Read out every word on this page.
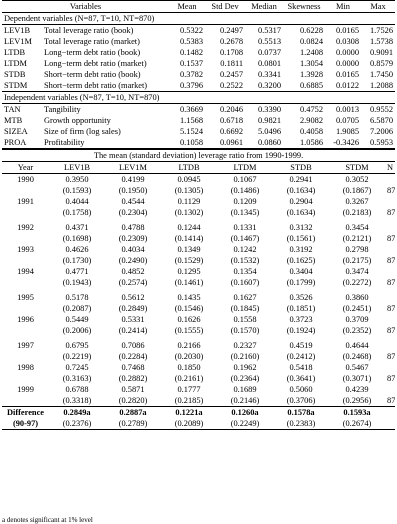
Variables		Mean	Std Dev	Median	Skewness	Min	Max
Dependent variables (N=87, T=10, NT=870)							
LEV1B	Total leverage ratio (book)	0.5322	0.2497	0.5317	0.6228	0.0165	1.7526
LEV1M	Total leverage ratio (market)	0.5383	0.2678	0.5513	0.0824	0.0308	1.5738
LTDB	Long−term debt ratio (book)	0.1482	0.1708	0.0737	1.2408	0.0000	0.9091
LTDM	Long−term debt ratio (market)	0.1537	0.1811	0.0801	1.3054	0.0000	0.8579
STDB	Short−term debt ratio (book)	0.3782	0.2457	0.3341	1.3928	0.0165	1.7450
STDM	Short−term debt ratio (market)	0.3796	0.2522	0.3200	0.6885	0.0122	1.2088
Independent variables (N=87, T=10, NT=870)							
TAN	Tangibility	0.3669	0.2046	0.3390	0.4752	0.0013	0.9552
MTB	Growth opportunity	1.1568	0.6718	0.9821	2.9082	0.0705	6.5870
SIZEA	Size of firm (log sales)	5.1524	0.6692	5.0496	0.4058	1.9085	7.2006
PROA	Profitability	0.1058	0.0961	0.0860	1.0586	-0.3426	0.5953
The mean (standard deviation) leverage ratio from 1990-1999.							
Year	LEV1B	LEV1M	LTDB	LTDM	STDB	STDM	N
1990	0.3950	0.4199	0.0945	0.1067	0.2941	0.3052	
	(0.1593)	(0.1950)	(0.1305)	(0.1486)	(0.1634)	(0.1867)	87
1991	0.4044	0.4544	0.1129	0.1209	0.2904	0.3267	
	(0.1758)	(0.2304)	(0.1302)	(0.1345)	(0.1634)	(0.2183)	87

1992	0.4371	0.4788	0.1244	0.1331	0.3132	0.3454	
	(0.1698)	(0.2309)	(0.1414)	(0.1467)	(0.1561)	(0.2121)	87
1993	0.4626	0.4034	0.1349	0.1242	0.3192	0.2798	
	(0.1730)	(0.2490)	(0.1529)	(0.1532)	(0.1625)	(0.2175)	87
1994	0.4771	0.4852	0.1295	0.1354	0.3404	0.3474	
	(0.1943)	(0.2574)	(0.1461)	(0.1607)	(0.1799)	(0.2272)	87

1995	0.5178	0.5612	0.1435	0.1627	0.3526	0.3860	
	(0.2087)	(0.2849)	(0.1546)	(0.1845)	(0.1851)	(0.2451)	87
1996	0.5449	0.5331	0.1626	0.1558	0.3723	0.3709	
	(0.2006)	(0.2414)	(0.1555)	(0.1570)	(0.1924)	(0.2352)	87

1997	0.6795	0.7086	0.2166	0.2327	0.4519	0.4644	
	(0.2219)	(0.2284)	(0.2030)	(0.2160)	(0.2412)	(0.2468)	87
1998	0.7245	0.7468	0.1850	0.1962	0.5418	0.5467	
	(0.3163)	(0.2882)	(0.2161)	(0.2364)	(0.3641)	(0.3071)	87
1999	0.6788	0.5871	0.1777	0.1689	0.5060	0.4239	
	(0.3318)	(0.2820)	(0.2185)	(0.2146)	(0.3706)	(0.2956)	87
Difference	0.2849a	0.2887a	0.1221a	0.1260a	0.1578a	0.1593a	
(90-97)	(0.2376)	(0.2789)	(0.2089)	(0.2249)	(0.2383)	(0.2674)	
a denotes significant at 1% level
